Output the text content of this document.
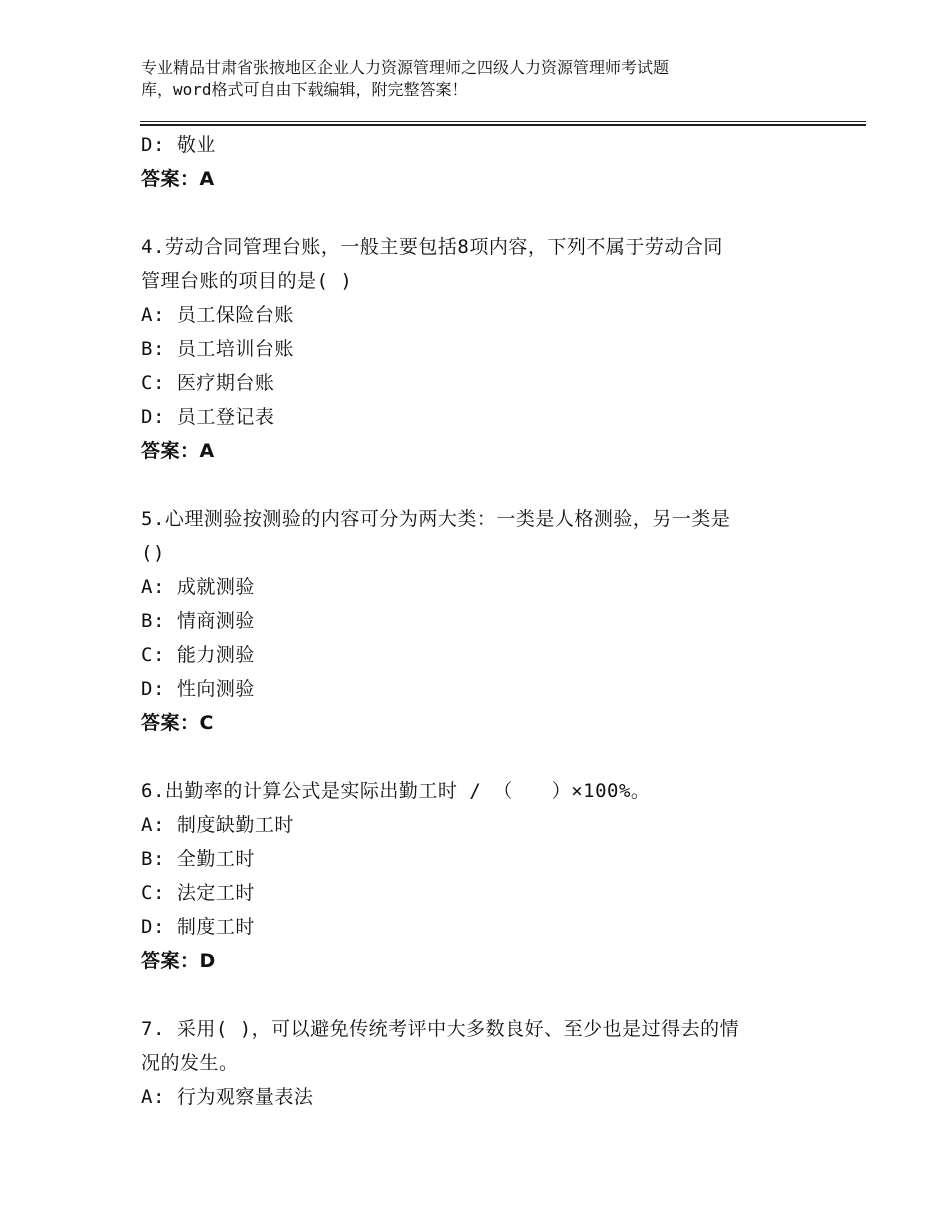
专业精品甘肃省张掖地区企业人力资源管理师之四级人力资源管理师考试题
库，word格式可自由下载编辑，附完整答案！
D: 敬业
答案：A
4.劳动合同管理台账，一般主要包括8项内容，下列不属于劳动合同
管理台账的项目的是( )
A: 员工保险台账
B: 员工培训台账
C: 医疗期台账
D: 员工登记表
答案：A
5.心理测验按测验的内容可分为两大类：一类是人格测验，另一类是
()
A: 成就测验
B: 情商测验
C: 能力测验
D: 性向测验
答案：C
6.出勤率的计算公式是实际出勤工时 / （　　）×100%。
A: 制度缺勤工时
B: 全勤工时
C: 法定工时
D: 制度工时
答案：D
7. 采用( )，可以避免传统考评中大多数良好、至少也是过得去的情
况的发生。
A: 行为观察量表法
